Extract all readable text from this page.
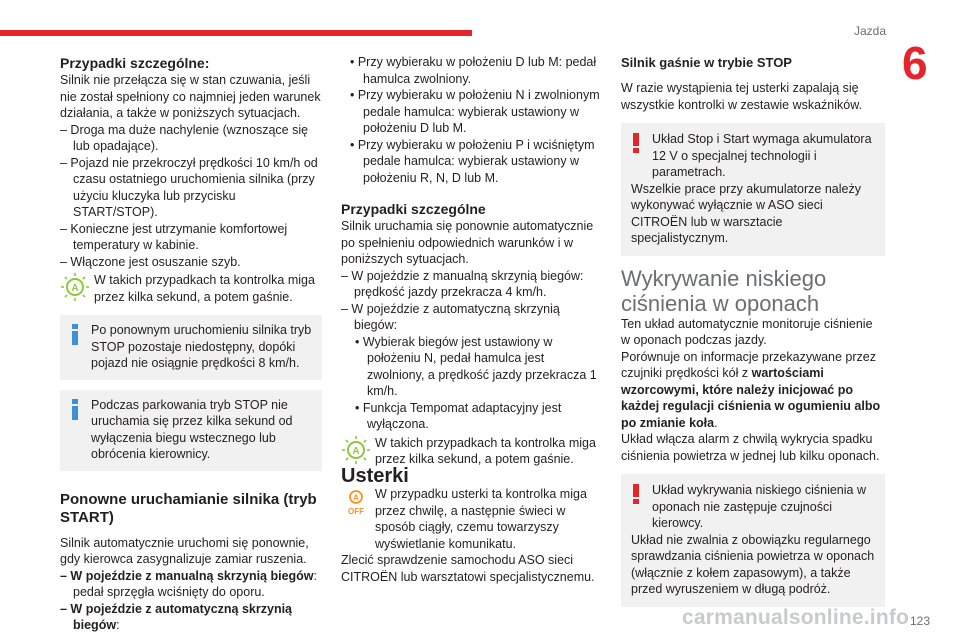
Jazda
6

Przypadki szczególne:

Silnik nie przełącza się w stan czuwania, jeśli nie został spełniony co najmniej jeden warunek działania, a także w poniższych sytuacjach.

– Droga ma duże nachylenie (wznoszące się lub opadające).

– Pojazd nie przekroczył prędkości 10 km/h od czasu ostatniego uruchomienia silnika (przy użyciu kluczyka lub przycisku START/STOP).

– Konieczne jest utrzymanie komfortowej temperatury w kabinie.

– Włączone jest osuszanie szyb.

A

W takich przypadkach ta kontrolka miga przez kilka sekund, a potem gaśnie.

Po ponownym uruchomieniu silnika tryb STOP pozostaje niedostępny, dopóki pojazd nie osiągnie prędkości 8 km/h.

Podczas parkowania tryb STOP nie uruchamia się przez kilka sekund od wyłączenia biegu wstecznego lub obrócenia kierownicy.

Ponowne uruchamianie silnika (tryb START)

Silnik automatycznie uruchomi się ponownie, gdy kierowca zasygnalizuje zamiar ruszenia.

– W pojeździe z manualną skrzynią biegów: pedał sprzęgła wciśnięty do oporu.

– W pojeździe z automatyczną skrzynią biegów:

• Przy wybieraku w położeniu D lub M: pedał hamulca zwolniony.

• Przy wybieraku w położeniu N i zwolnionym pedale hamulca: wybierak ustawiony w położeniu D lub M.

• Przy wybieraku w położeniu P i wciśniętym pedale hamulca: wybierak ustawiony w położeniu R, N, D lub M.

Przypadki szczególne

Silnik uruchamia się ponownie automatycznie po spełnieniu odpowiednich warunków i w poniższych sytuacjach.

– W pojeździe z manualną skrzynią biegów: prędkość jazdy przekracza 4 km/h.

– W pojeździe z automatyczną skrzynią biegów:

• Wybierak biegów jest ustawiony w położeniu N, pedał hamulca jest zwolniony, a prędkość jazdy przekracza 1 km/h.

• Funkcja Tempomat adaptacyjny jest wyłączona.

A

W takich przypadkach ta kontrolka miga przez kilka sekund, a potem gaśnie.

Usterki

A
OFF

W przypadku usterki ta kontrolka miga przez chwilę, a następnie świeci w sposób ciągły, czemu towarzyszy wyświetlanie komunikatu.

Zlecić sprawdzenie samochodu ASO sieci CITROËN lub warsztatowi specjalistycznemu.

Silnik gaśnie w trybie STOP

W razie wystąpienia tej usterki zapalają się wszystkie kontrolki w zestawie wskaźników.

Układ Stop i Start wymaga akumulatora 12 V o specjalnej technologii i parametrach.

Wszelkie prace przy akumulatorze należy wykonywać wyłącznie w ASO sieci CITROËN lub w warsztacie specjalistycznym.

Wykrywanie niskiego ciśnienia w oponach

Ten układ automatycznie monitoruje ciśnienie w oponach podczas jazdy.

Porównuje on informacje przekazywane przez czujniki prędkości kół z wartościami wzorcowymi, które należy inicjować po każdej regulacji ciśnienia w ogumieniu albo po zmianie koła.

Układ włącza alarm z chwilą wykrycia spadku ciśnienia powietrza w jednej lub kilku oponach.

Układ wykrywania niskiego ciśnienia w oponach nie zastępuje czujności kierowcy.

Układ nie zwalnia z obowiązku regularnego sprawdzania ciśnienia powietrza w oponach (włącznie z kołem zapasowym), a także przed wyruszeniem w długą podróż.

carmanualsonline.info 123
